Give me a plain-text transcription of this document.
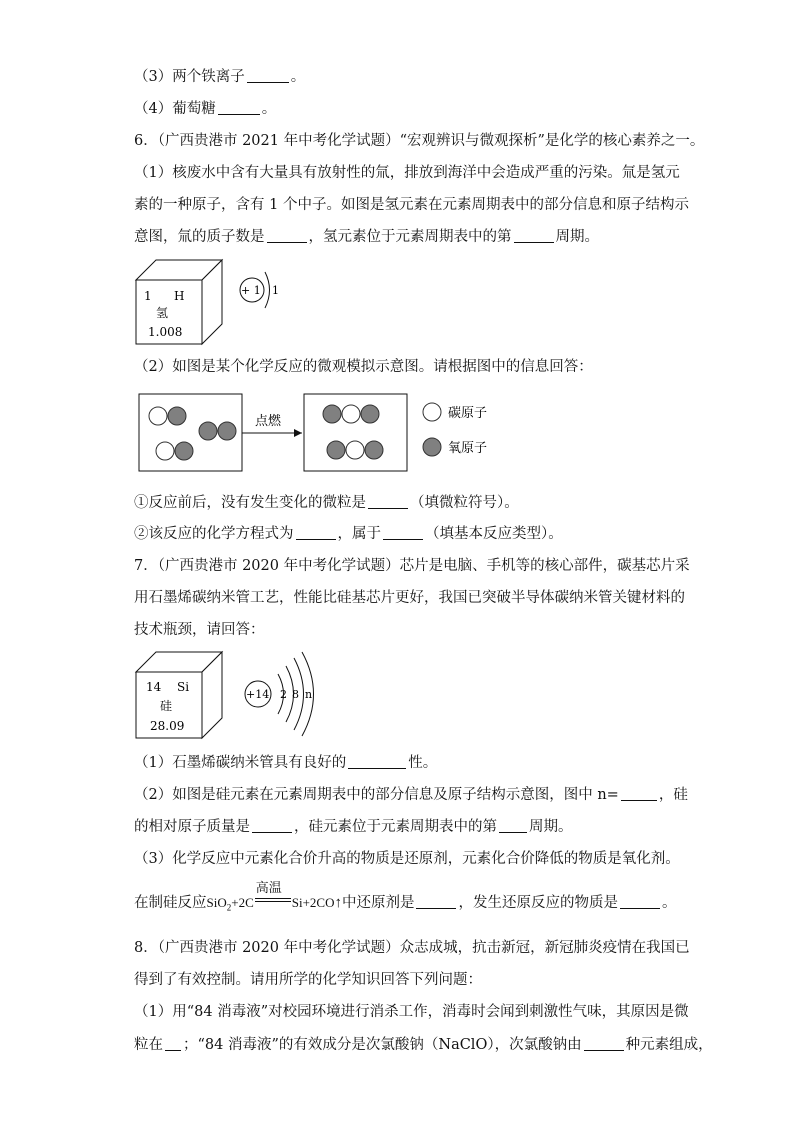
（3）两个铁离子	。
（4）葡萄糖	。
6．（广西贵港市 2021 年中考化学试题）“宏观辨识与微观探析”是化学的核心素养之一。
（1）核废水中含有大量具有放射性的氚，排放到海洋中会造成严重的污染。氚是氢元
素的一种原子，含有 1 个中子。如图是氢元素在元素周期表中的部分信息和原子结构示
意图，氚的质子数是	，氢元素位于元素周期表中的第	周期。
1 H
氢
1.008
+ 1 1
（2）如图是某个化学反应的微观模拟示意图。请根据图中的信息回答：
点燃
碳原子
氧原子
①反应前后，没有发生变化的微粒是	（填微粒符号）。
②该反应的化学方程式为	，属于	（填基本反应类型）。
7．（广西贵港市 2020 年中考化学试题）芯片是电脑、手机等的核心部件，碳基芯片采
用石墨烯碳纳米管工艺，性能比硅基芯片更好，我国已突破半导体碳纳米管关键材料的
技术瓶颈，请回答：
14 Si
硅
28.09
+14 2 8 n
（1）石墨烯碳纳米管具有良好的	性。
（2）如图是硅元素在元素周期表中的部分信息及原子结构示意图，图中 n=	，硅
的相对原子质量是	，硅元素位于元素周期表中的第 周期。
（3）化学反应中元素化合价升高的物质是还原剂，元素化合价降低的物质是氧化剂。
在制硅反应SiO$_2$+2C
高温
Si+2CO↑中还原剂是	，发生还原反应的物质是	。
8．（广西贵港市 2020 年中考化学试题）众志成城，抗击新冠，新冠肺炎疫情在我国已
得到了有效控制。请用所学的化学知识回答下列问题：
（1）用“84 消毒液”对校园环境进行消杀工作，消毒时会闻到刺激性气味，其原因是微
粒在 ；“84 消毒液”的有效成分是次氯酸钠（NaClO），次氯酸钠由	种元素组成，
